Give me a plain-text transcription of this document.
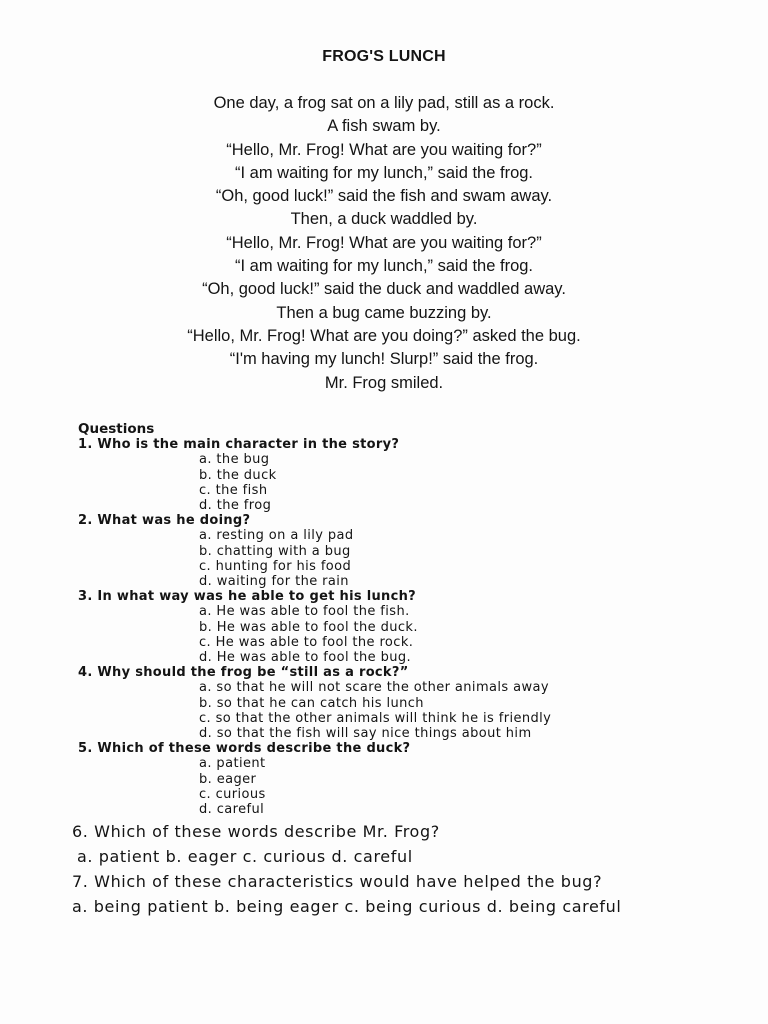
FROG'S LUNCH
One day, a frog sat on a lily pad, still as a rock.
A fish swam by.
“Hello, Mr. Frog! What are you waiting for?”
“I am waiting for my lunch,” said the frog.
“Oh, good luck!” said the fish and swam away.
Then, a duck waddled by.
“Hello, Mr. Frog! What are you waiting for?”
“I am waiting for my lunch,” said the frog.
“Oh, good luck!” said the duck and waddled away.
Then a bug came buzzing by.
“Hello, Mr. Frog! What are you doing?” asked the bug.
“I'm having my lunch! Slurp!” said the frog.
Mr. Frog smiled.
Questions
1. Who is the main character in the story?
a. the bug
b. the duck
c. the fish
d. the frog
2. What was he doing?
a. resting on a lily pad
b. chatting with a bug
c. hunting for his food
d. waiting for the rain
3. In what way was he able to get his lunch?
a. He was able to fool the fish.
b. He was able to fool the duck.
c. He was able to fool the rock.
d. He was able to fool the bug.
4. Why should the frog be “still as a rock?”
a. so that he will not scare the other animals away
b. so that he can catch his lunch
c. so that the other animals will think he is friendly
d. so that the fish will say nice things about him
5. Which of these words describe the duck?
a. patient
b. eager
c. curious
d. careful
6. Which of these words describe Mr. Frog?
a. patient b. eager c. curious d. careful
7. Which of these characteristics would have helped the bug?
a. being patient b. being eager c. being curious d. being careful
